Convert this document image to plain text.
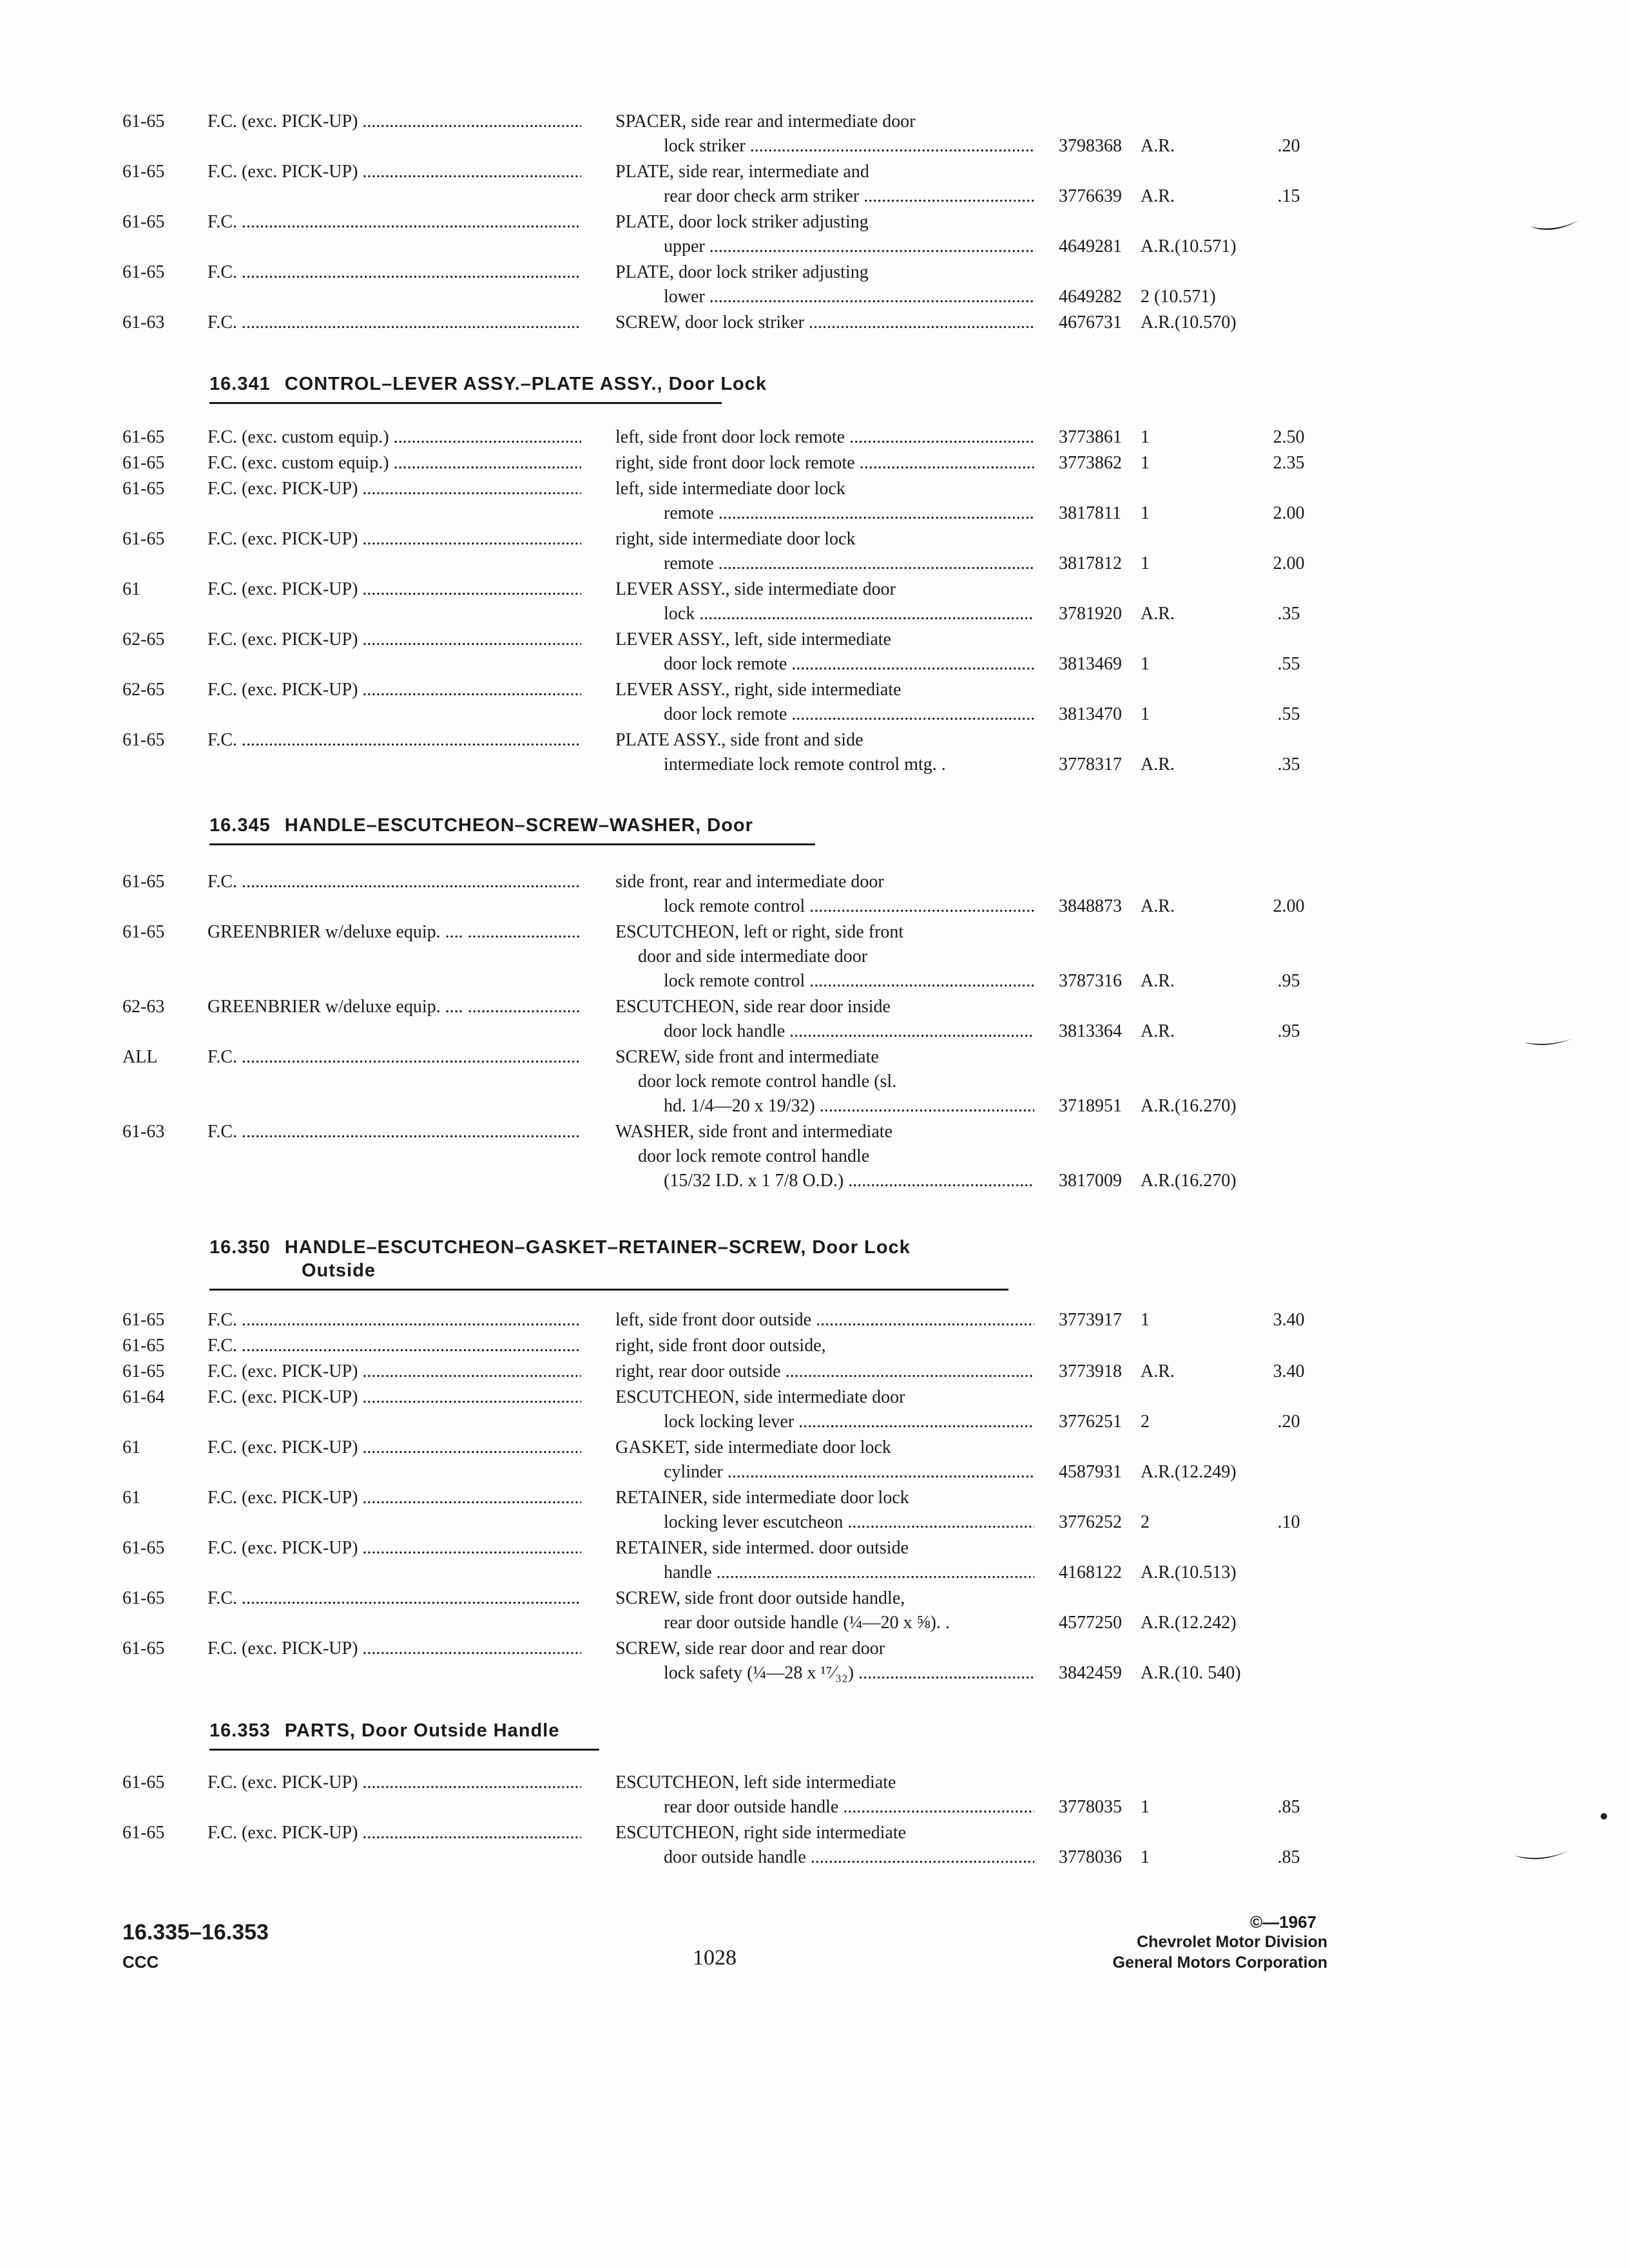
61-65 F.C. (exc. PICK-UP) .....	SPACER, side rear and intermediate door
lock striker .....	3798368 A.R.	.20
61-65 F.C. (exc. PICK-UP) .....	PLATE, side rear, intermediate and
rear door check arm striker .....	3776639 A.R.	.15
61-65 F.C. .....	PLATE, door lock striker adjusting
upper .....	4649281 A.R.(10.571)
61-65 F.C. .....	PLATE, door lock striker adjusting
lower .....	4649282 2 (10.571)
61-63 F.C. .....	SCREW, door lock striker .....	4676731 A.R.(10.570)
16.341 CONTROL–LEVER ASSY.–PLATE ASSY., Door Lock
61-65 F.C. (exc. custom equip.) .....	left, side front door lock remote .....	3773861 1	2.50
61-65 F.C. (exc. custom equip.) .....	right, side front door lock remote .....	3773862 1	2.35
61-65 F.C. (exc. PICK-UP) .....	left, side intermediate door lock
remote .....	3817811 1	2.00
61-65 F.C. (exc. PICK-UP) .....	right, side intermediate door lock
remote .....	3817812 1	2.00
61	F.C. (exc. PICK-UP) .....	LEVER ASSY., side intermediate door
lock .....	3781920 A.R.	.35
62-65 F.C. (exc. PICK-UP) .....	LEVER ASSY., left, side intermediate
door lock remote .....	3813469 1	.55
62-65 F.C. (exc. PICK-UP) .....	LEVER ASSY., right, side intermediate
door lock remote .....	3813470 1	.55
61-65 F.C. .....	PLATE ASSY., side front and side
intermediate lock remote control mtg. .	3778317 A.R.	.35
16.345 HANDLE–ESCUTCHEON–SCREW–WASHER, Door
61-65 F.C. .....	side front, rear and intermediate door
lock remote control .....	3848873 A.R.	2.00
61-65 GREENBRIER w/deluxe equip. .... .....	ESCUTCHEON, left or right, side front
door and side intermediate door
lock remote control .....	3787316 A.R.	.95
62-63 GREENBRIER w/deluxe equip. .... .....	ESCUTCHEON, side rear door inside
door lock handle .....	3813364 A.R.	.95
ALL	F.C. .....	SCREW, side front and intermediate
door lock remote control handle (sl.
hd. 1/4—20 x 19/32) .....	3718951 A.R.(16.270)
61-63 F.C. .....	WASHER, side front and intermediate
door lock remote control handle
(15/32 I.D. x 1 7/8 O.D.) .....	3817009 A.R.(16.270)
16.350 HANDLE–ESCUTCHEON–GASKET–RETAINER–SCREW, Door Lock
Outside
61-65 F.C. .....	left, side front door outside .....	3773917 1	3.40
61-65 F.C. .....	right, side front door outside,
61-65 F.C. (exc. PICK-UP) .....	right, rear door outside .....	3773918 A.R.	3.40
61-64 F.C. (exc. PICK-UP) .....	ESCUTCHEON, side intermediate door
lock locking lever .....	3776251 2	.20
61	F.C. (exc. PICK-UP) .....	GASKET, side intermediate door lock
cylinder .....	4587931 A.R.(12.249)
61	F.C. (exc. PICK-UP) .....	RETAINER, side intermediate door lock
locking lever escutcheon .....	3776252 2	.10
61-65 F.C. (exc. PICK-UP) .....	RETAINER, side intermed. door outside
handle .....	4168122 A.R.(10.513)
61-65 F.C. .....	SCREW, side front door outside handle,
rear door outside handle (¼—20 x ⅝). .	4577250 A.R.(12.242)
61-65 F.C. (exc. PICK-UP) .....	SCREW, side rear door and rear door
lock safety (¼—28 x ¹⁷⁄₃₂) .....	3842459 A.R.(10. 540)
16.353 PARTS, Door Outside Handle
61-65 F.C. (exc. PICK-UP) .....	ESCUTCHEON, left side intermediate
rear door outside handle .....	3778035 1	.85
61-65 F.C. (exc. PICK-UP) .....	ESCUTCHEON, right side intermediate
door outside handle .....	3778036 1	.85
16.335–16.353
CCC	1028
©—1967
Chevrolet Motor Division
General Motors Corporation
